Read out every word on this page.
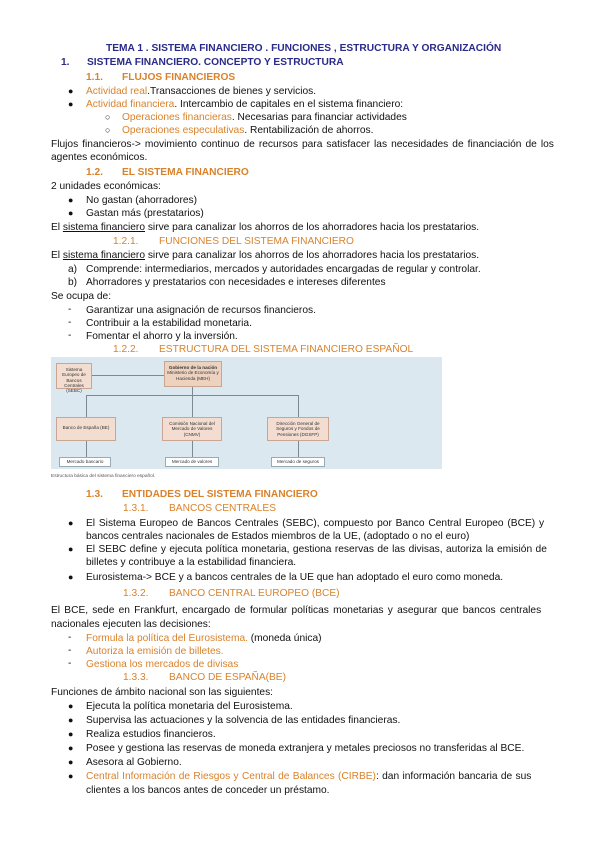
TEMA 1 . SISTEMA FINANCIERO . FUNCIONES , ESTRUCTURA Y ORGANIZACIÓN
1. SISTEMA FINANCIERO. CONCEPTO Y ESTRUCTURA
1.1. FLUJOS FINANCIEROS
● Actividad real.Transacciones de bienes y servicios.
● Actividad financiera. Intercambio de capitales en el sistema financiero:
○ Operaciones financieras. Necesarias para financiar actividades
○ Operaciones especulativas. Rentabilización de ahorros.
Flujos financieros-> movimiento continuo de recursos para satisfacer las necesidades de financiación de los
agentes económicos.
1.2. EL SISTEMA FINANCIERO
2 unidades económicas:
● No gastan (ahorradores)
● Gastan más (prestatarios)
El sistema financiero sirve para canalizar los ahorros de los ahorradores hacia los prestatarios.
1.2.1. FUNCIONES DEL SISTEMA FINANCIERO
El sistema financiero sirve para canalizar los ahorros de los ahorradores hacia los prestatarios.
a) Comprende: intermediarios, mercados y autoridades encargadas de regular y controlar.
b) Ahorradores y prestatarios con necesidades e intereses diferentes
Se ocupa de:
- Garantizar una asignación de recursos financieros.
- Contribuir a la estabilidad monetaria.
- Fomentar el ahorro y la inversión.
1.2.2. ESTRUCTURA DEL SISTEMA FINANCIERO ESPAÑOL
Sistema Europeo de Bancos Centrales (SEBC)
Gobierno de la nación
Ministerio de Economía y Hacienda (MEH)
Banco de España (BE)
Comisión Nacional del Mercado de Valores (CNMV)
Dirección General de Seguros y Fondos de Pensiones (DGSFP)
Mercado bancario	Mercado de valores	Mercado de seguros
Estructura básica del sistema financiero español.
1.3. ENTIDADES DEL SISTEMA FINANCIERO
1.3.1. BANCOS CENTRALES
● El Sistema Europeo de Bancos Centrales (SEBC), compuesto por Banco Central Europeo (BCE) y
bancos centrales nacionales de Estados miembros de la UE, (adoptado o no el euro)
● El SEBC define y ejecuta política monetaria, gestiona reservas de las divisas, autoriza la emisión de
billetes y contribuye a la estabilidad financiera.
● Eurosistema-> BCE y a bancos centrales de la UE que han adoptado el euro como moneda.
1.3.2. BANCO CENTRAL EUROPEO (BCE)
El BCE, sede en Frankfurt, encargado de formular políticas monetarias y asegurar que bancos centrales
nacionales ejecuten las decisiones:
- Formula la política del Eurosistema. (moneda única)
- Autoriza la emisión de billetes.
- Gestiona los mercados de divisas
1.3.3. BANCO DE ESPAÑA(BE)
Funciones de ámbito nacional son las siguientes:
● Ejecuta la política monetaria del Eurosistema.
● Supervisa las actuaciones y la solvencia de las entidades financieras.
● Realiza estudios financieros.
● Posee y gestiona las reservas de moneda extranjera y metales preciosos no transferidas al BCE.
● Asesora al Gobierno.
● Central Información de Riesgos y Central de Balances (CIRBE): dan información bancaria de sus
clientes a los bancos antes de conceder un préstamo.
